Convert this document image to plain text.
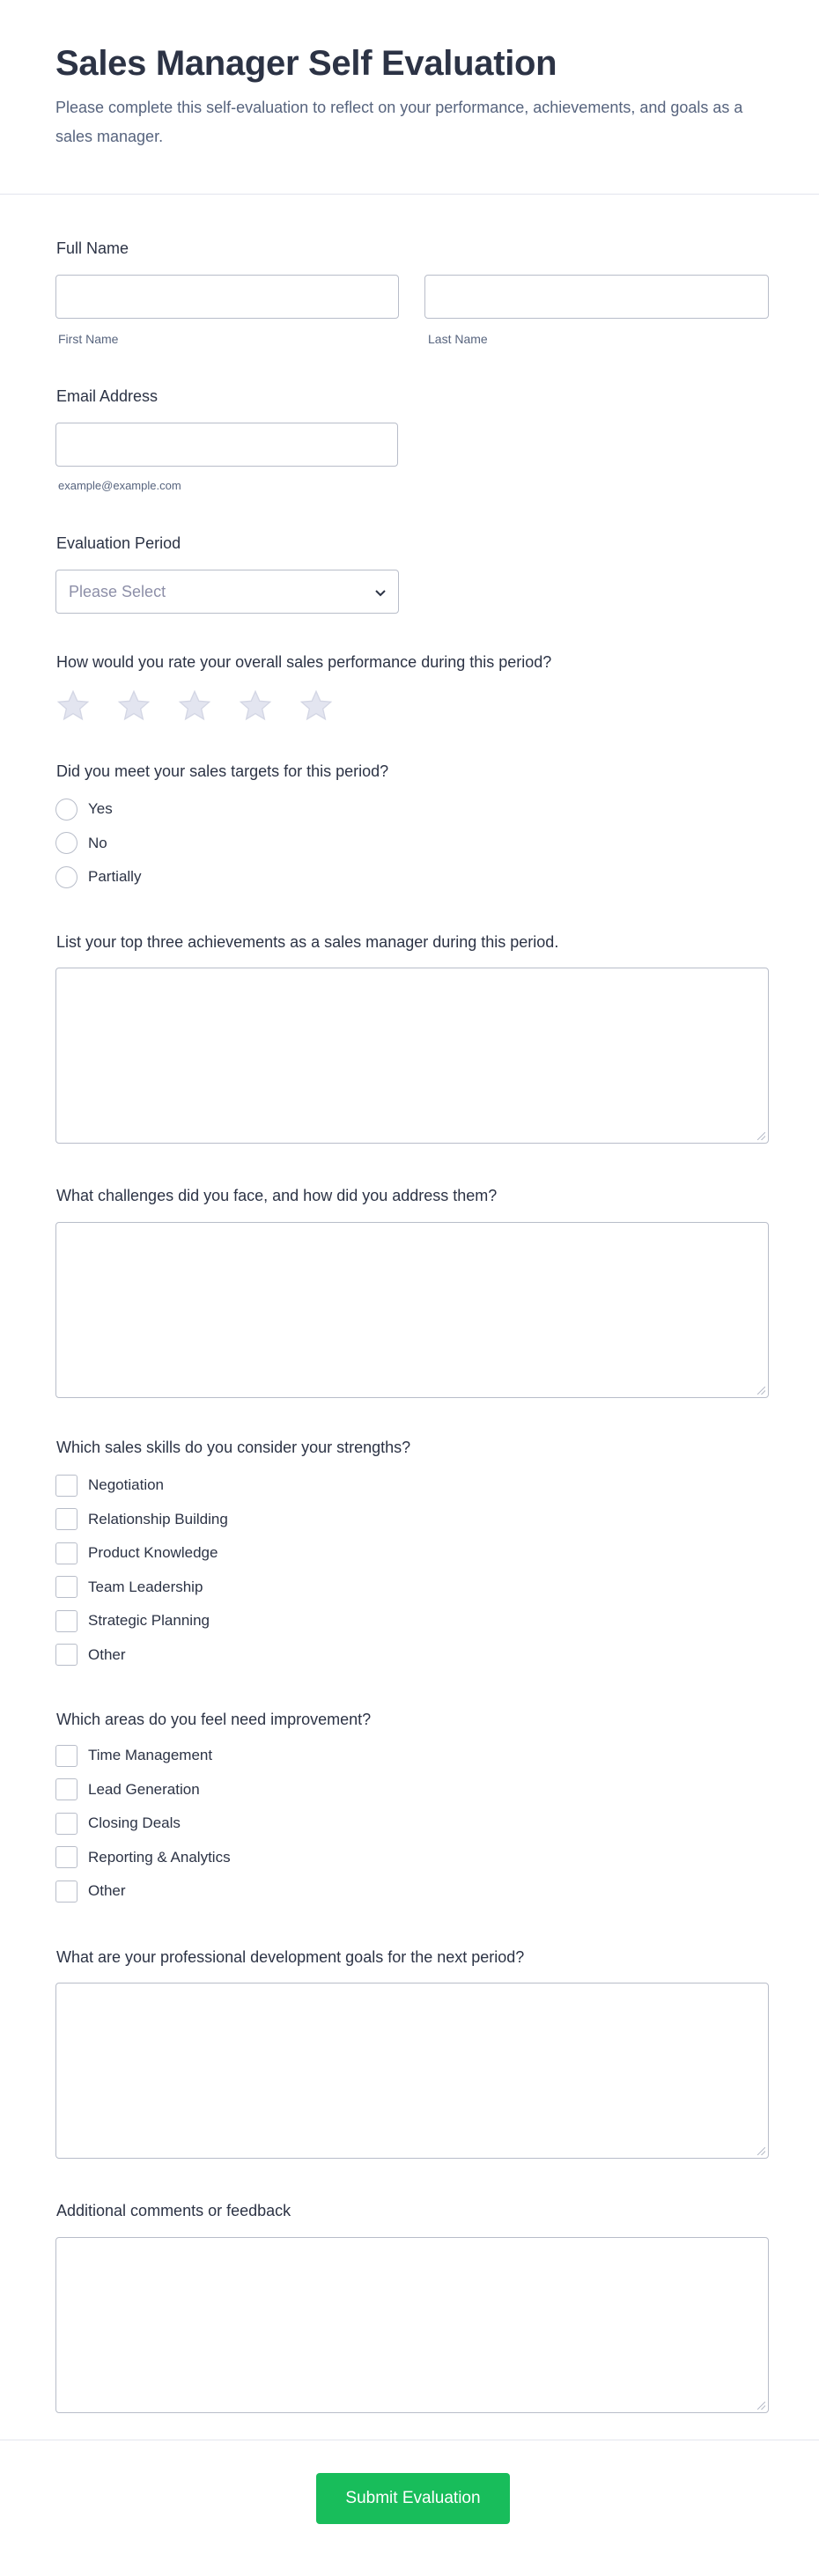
Sales Manager Self Evaluation
Please complete this self-evaluation to reflect on your performance, achievements, and goals as a sales manager.
Full Name
First Name	Last Name
Email Address
example@example.com
Evaluation Period
Please Select
How would you rate your overall sales performance during this period?
Did you meet your sales targets for this period?
Yes
No
Partially
List your top three achievements as a sales manager during this period.
What challenges did you face, and how did you address them?
Which sales skills do you consider your strengths?
Negotiation
Relationship Building
Product Knowledge
Team Leadership
Strategic Planning
Other
Which areas do you feel need improvement?
Time Management
Lead Generation
Closing Deals
Reporting & Analytics
Other
What are your professional development goals for the next period?
Additional comments or feedback
Submit Evaluation
